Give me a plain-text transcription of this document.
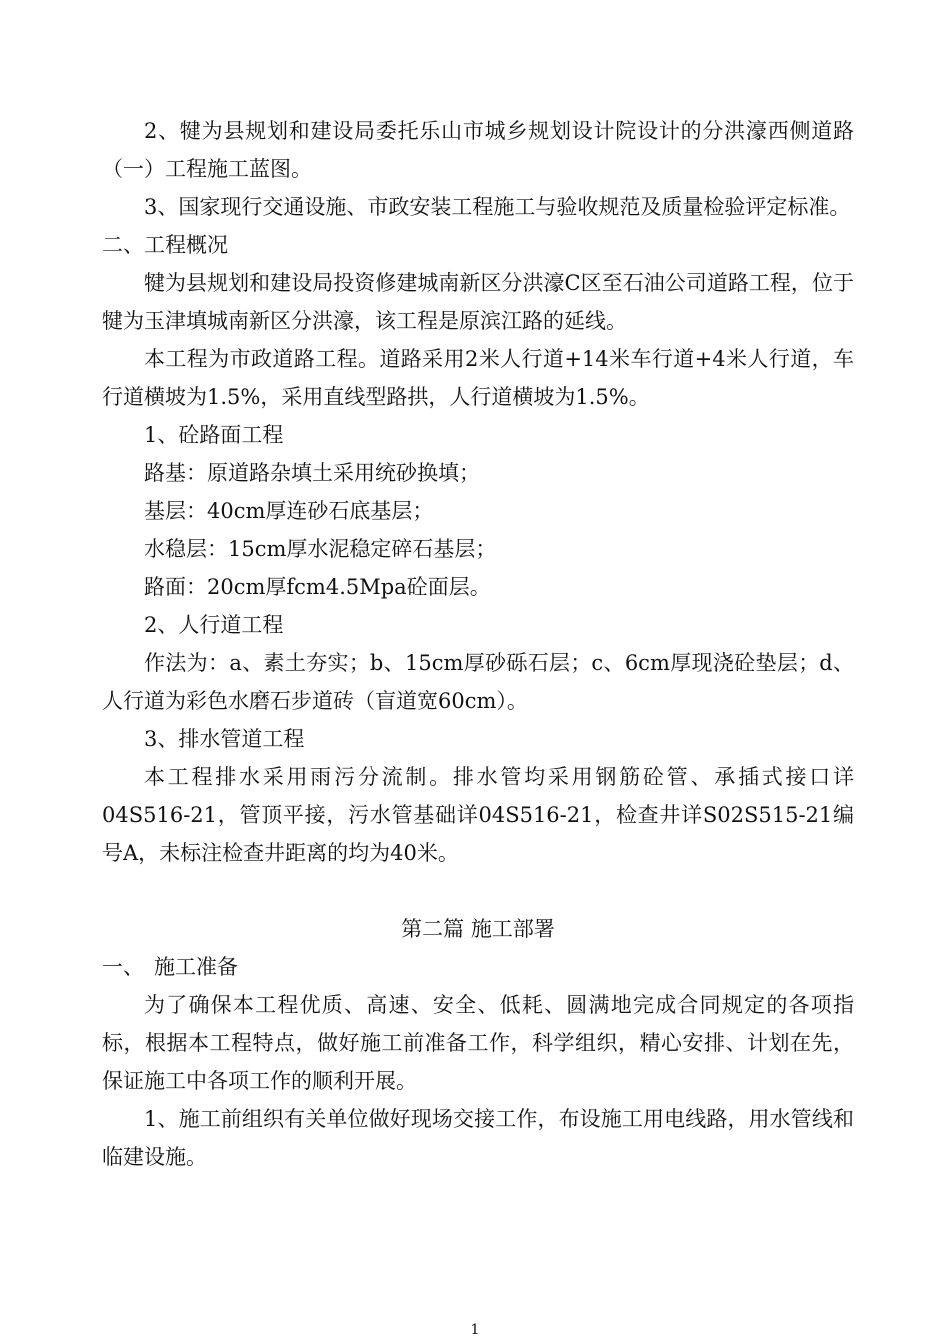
2、犍为县规划和建设局委托乐山市城乡规划设计院设计的分洪濠西侧道路（一）工程施工蓝图。

3、国家现行交通设施、市政安装工程施工与验收规范及质量检验评定标准。

二、工程概况

犍为县规划和建设局投资修建城南新区分洪濠C区至石油公司道路工程，位于犍为玉津填城南新区分洪濠，该工程是原滨江路的延线。

本工程为市政道路工程。道路采用2米人行道+14米车行道+4米人行道，车行道横坡为1.5%，采用直线型路拱，人行道横坡为1.5%。

1、砼路面工程

路基：原道路杂填土采用统砂换填；

基层：40cm厚连砂石底基层；

水稳层：15cm厚水泥稳定碎石基层；

路面：20cm厚fcm4.5Mpa砼面层。

2、人行道工程

作法为：a、素土夯实；b、15cm厚砂砾石层；c、6cm厚现浇砼垫层；d、人行道为彩色水磨石步道砖（盲道宽60cm）。

3、排水管道工程

本工程排水采用雨污分流制。排水管均采用钢筋砼管、承插式接口详04S516-21，管顶平接，污水管基础详04S516-21，检查井详S02S515-21编号A，未标注检查井距离的均为40米。

第二篇 施工部署

一、 施工准备

为了确保本工程优质、高速、安全、低耗、圆满地完成合同规定的各项指标，根据本工程特点，做好施工前准备工作，科学组织，精心安排、计划在先，保证施工中各项工作的顺利开展。

1、施工前组织有关单位做好现场交接工作，布设施工用电线路，用水管线和临建设施。

1
